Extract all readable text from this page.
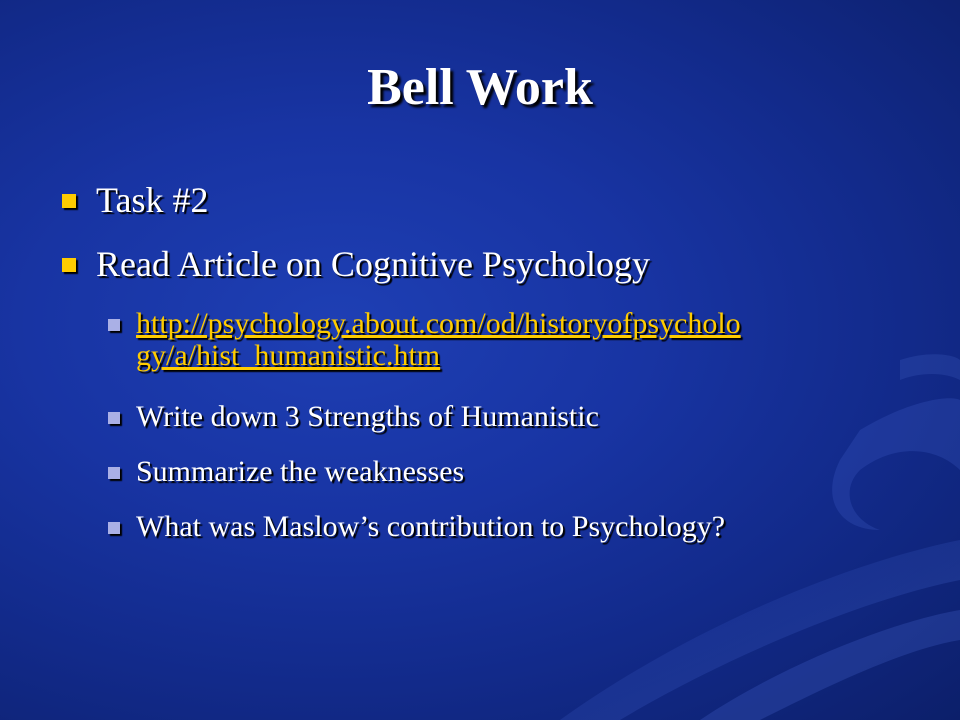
Bell Work
Task #2
Read Article on Cognitive Psychology
http://psychology.about.com/od/historyofpsycholo
gy/a/hist_humanistic.htm
Write down 3 Strengths of Humanistic
Summarize the weaknesses
What was Maslow’s contribution to Psychology?
